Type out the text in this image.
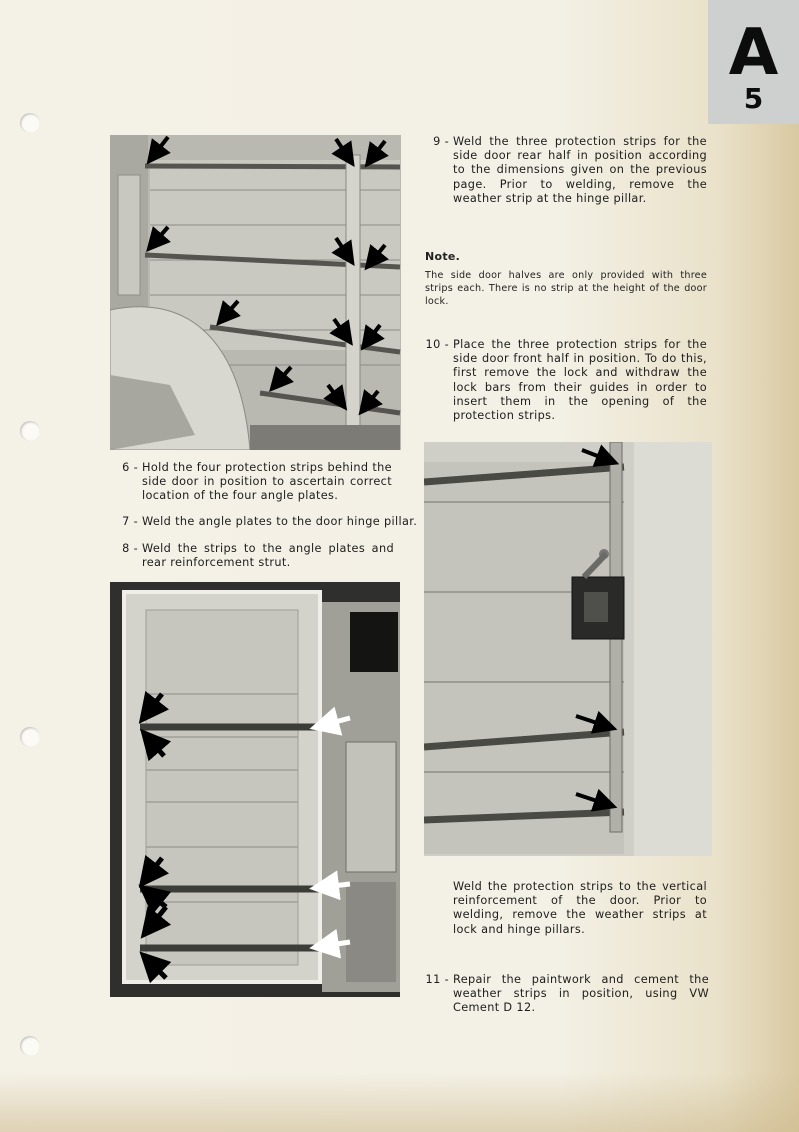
A
5
6 - Hold the four protection strips behind the side door in position to ascertain correct location of the four angle plates.
7 - Weld the angle plates to the door hinge pillar.
8 - Weld the strips to the angle plates and rear reinforcement strut.
9 - Weld the three protection strips for the side door rear half in position according to the dimensions given on the previous page. Prior to welding, remove the weather strip at the hinge pillar.
Note.
The side door halves are only provided with three strips each. There is no strip at the height of the door lock.
10 - Place the three protection strips for the side door front half in position. To do this, first remove the lock and withdraw the lock bars from their guides in order to insert them in the opening of the protection strips.
Weld the protection strips to the vertical reinforcement of the door. Prior to welding, remove the weather strips at lock and hinge pillars.
11 - Repair the paintwork and cement the weather strips in position, using VW Cement D 12.
